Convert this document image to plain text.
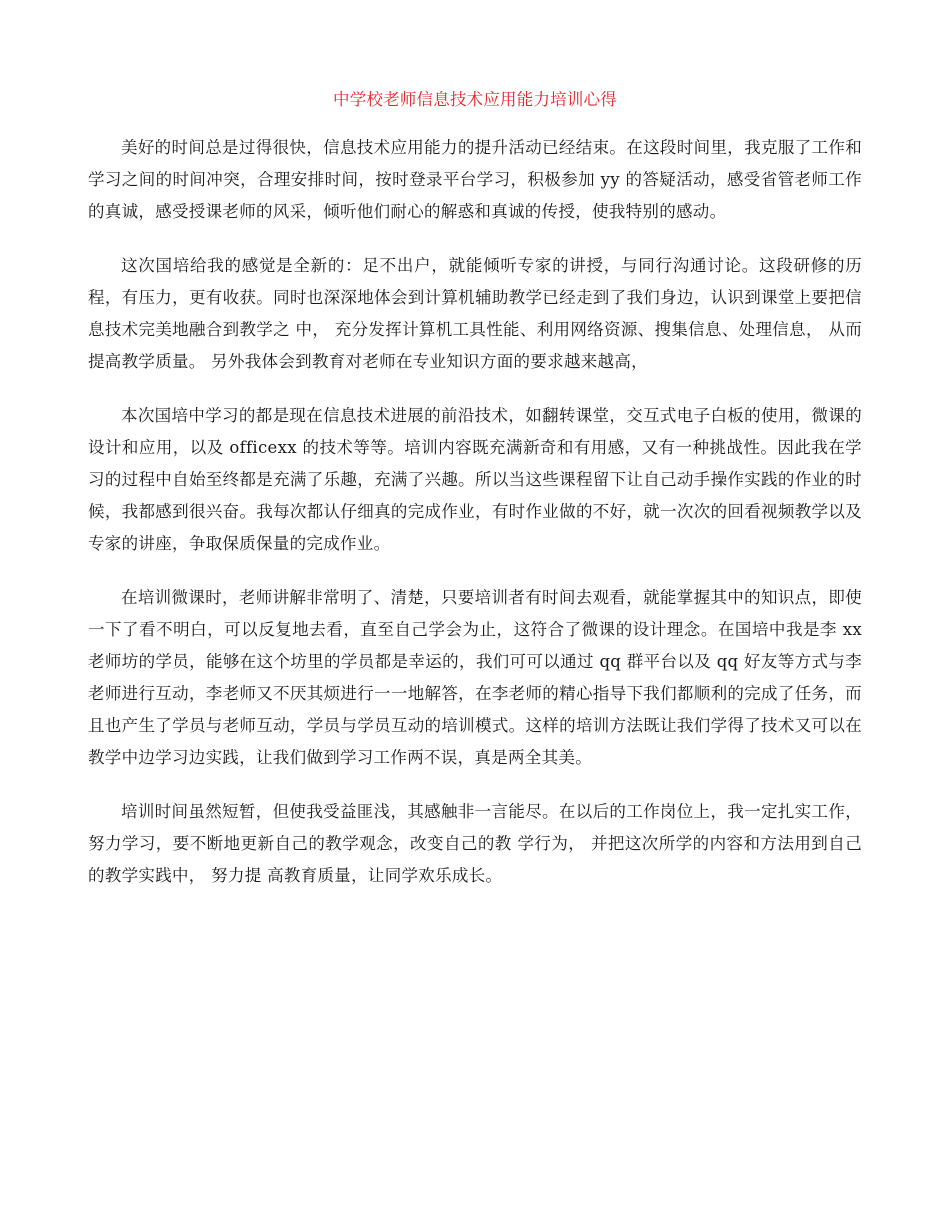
中学校老师信息技术应用能力培训心得

美好的时间总是过得很快，信息技术应用能力的提升活动已经结束。在这段时间里，我克服了工作和学习之间的时间冲突，合理安排时间，按时登录平台学习，积极参加 yy 的答疑活动，感受省管老师工作的真诚，感受授课老师的风采，倾听他们耐心的解惑和真诚的传授，使我特别的感动。

这次国培给我的感觉是全新的：足不出户，就能倾听专家的讲授，与同行沟通讨论。这段研修的历程，有压力，更有收获。同时也深深地体会到计算机辅助教学已经走到了我们身边，认识到课堂上要把信息技术完美地融合到教学之 中， 充分发挥计算机工具性能、利用网络资源、搜集信息、处理信息， 从而提高教学质量。 另外我体会到教育对老师在专业知识方面的要求越来越高，

本次国培中学习的都是现在信息技术进展的前沿技术，如翻转课堂，交互式电子白板的使用，微课的设计和应用，以及 officexx 的技术等等。培训内容既充满新奇和有用感，又有一种挑战性。因此我在学习的过程中自始至终都是充满了乐趣，充满了兴趣。所以当这些课程留下让自己动手操作实践的作业的时候，我都感到很兴奋。我每次都认仔细真的完成作业，有时作业做的不好，就一次次的回看视频教学以及专家的讲座，争取保质保量的完成作业。

在培训微课时，老师讲解非常明了、清楚，只要培训者有时间去观看，就能掌握其中的知识点，即使一下了看不明白，可以反复地去看，直至自己学会为止，这符合了微课的设计理念。在国培中我是李 xx 老师坊的学员，能够在这个坊里的学员都是幸运的，我们可可以通过 qq 群平台以及 qq 好友等方式与李老师进行互动，李老师又不厌其烦进行一一地解答，在李老师的精心指导下我们都顺利的完成了任务，而且也产生了学员与老师互动，学员与学员互动的培训模式。这样的培训方法既让我们学得了技术又可以在教学中边学习边实践，让我们做到学习工作两不误，真是两全其美。

培训时间虽然短暂，但使我受益匪浅，其感触非一言能尽。在以后的工作岗位上，我一定扎实工作，努力学习，要不断地更新自己的教学观念，改变自己的教 学行为， 并把这次所学的内容和方法用到自己的教学实践中， 努力提 高教育质量，让同学欢乐成长。
